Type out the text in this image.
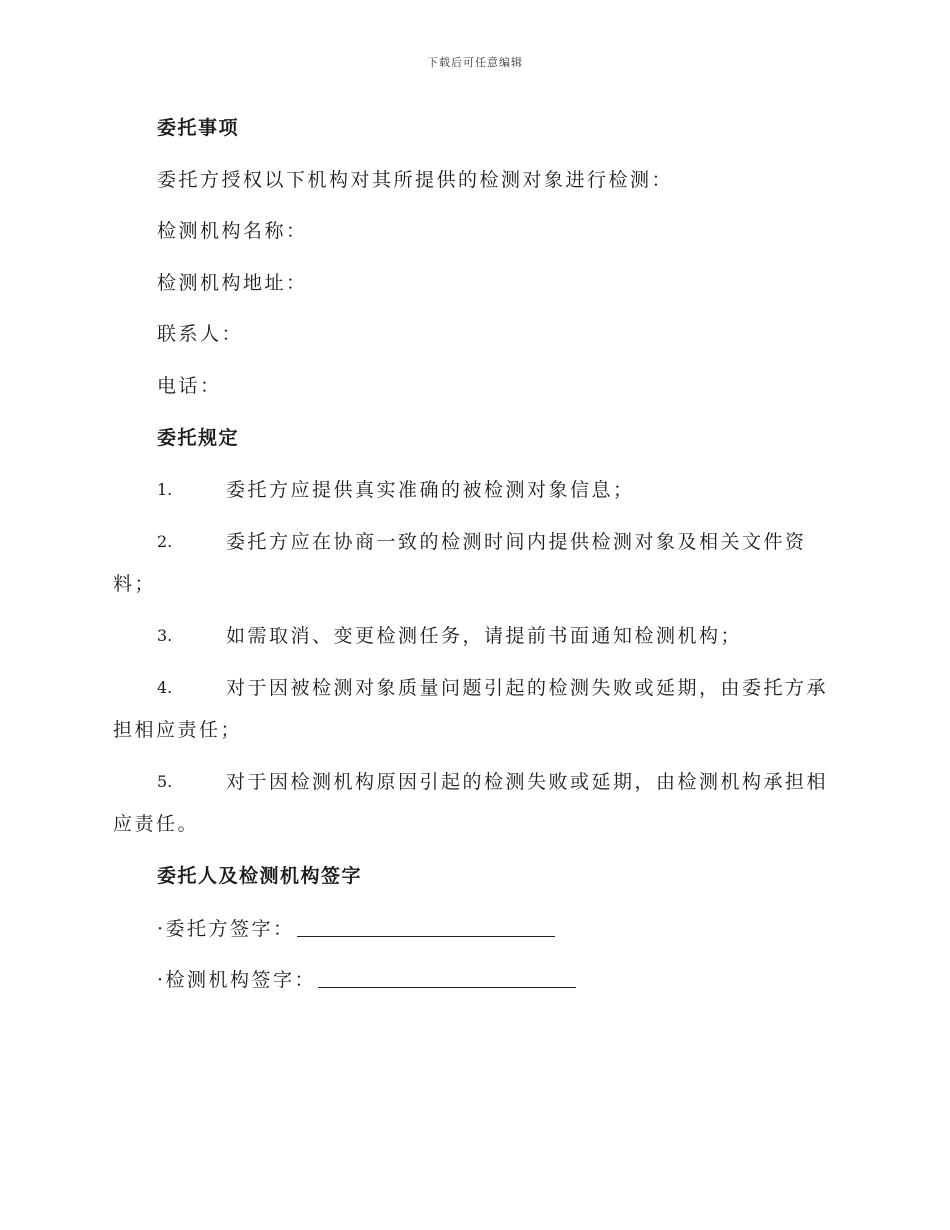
下载后可任意编辑
委托事项
委托方授权以下机构对其所提供的检测对象进行检测：
检测机构名称：
检测机构地址：
联系人：
电话：
委托规定
1.	委托方应提供真实准确的被检测对象信息；
2.	委托方应在协商一致的检测时间内提供检测对象及相关文件资
料；
3.	如需取消、变更检测任务，请提前书面通知检测机构；
4.	对于因被检测对象质量问题引起的检测失败或延期，由委托方承
担相应责任；
5.	对于因检测机构原因引起的检测失败或延期，由检测机构承担相
应责任。
委托人及检测机构签字
·委托方签字：
·检测机构签字：
